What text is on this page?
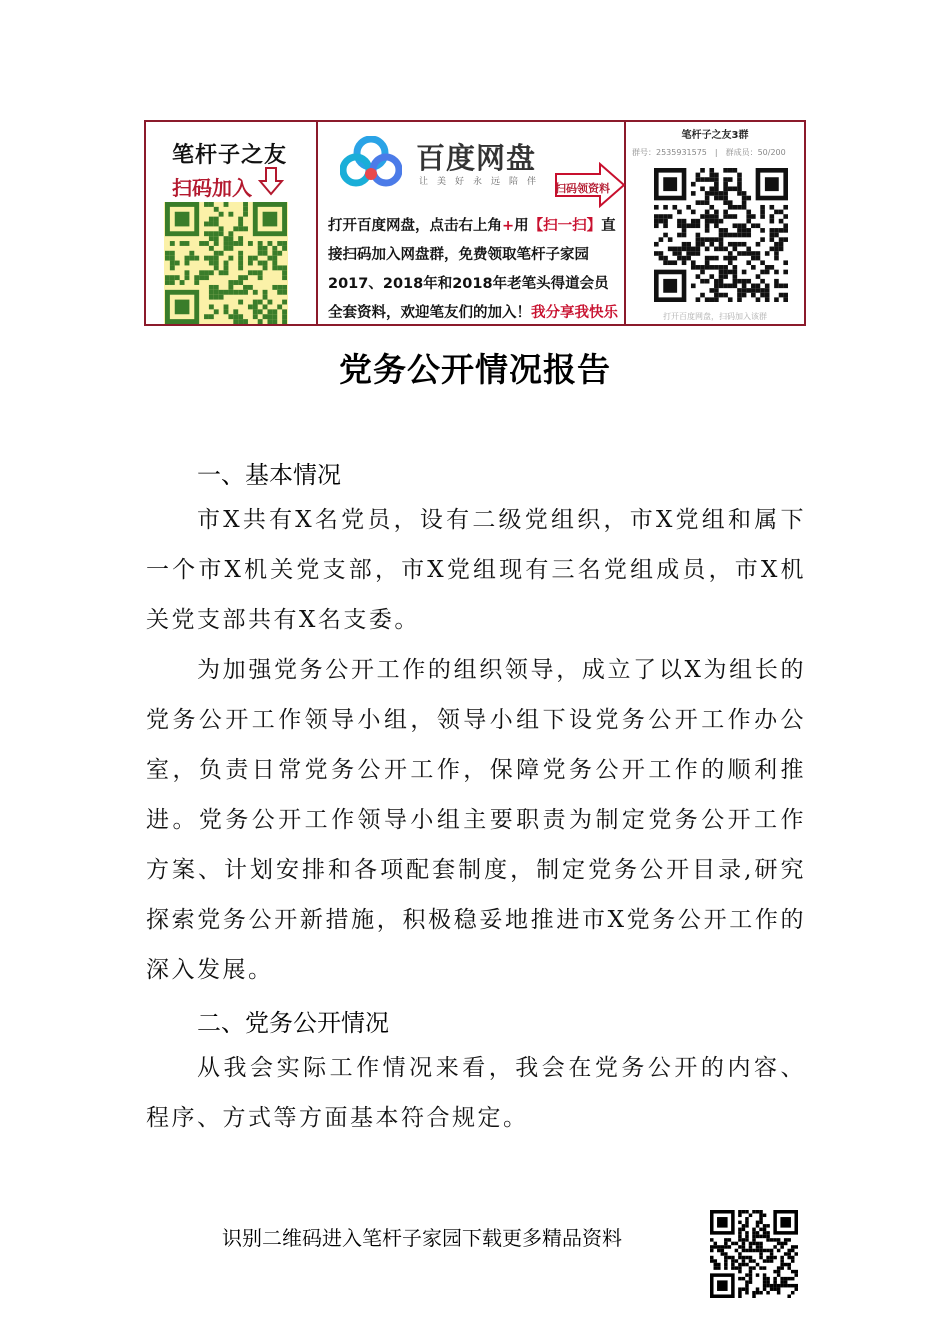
笔杆子之友
扫码加入
百度网盘
让美好永远陪伴 扫码领资料
打开百度网盘，点击右上角+用【扫一扫】直接扫码加入网盘群，免费领取笔杆子家园2017、2018年和2018年老笔头得道会员全套资料，欢迎笔友们的加入！我分享我快乐
笔杆子之友3群
群号：2535931575　|　群成员：50/200
打开百度网盘，扫码加入该群
党务公开情况报告
一、基本情况
市X共有X名党员，设有二级党组织，市X党组和属下一个市X机关党支部，市X党组现有三名党组成员，市X机关党支部共有X名支委。
为加强党务公开工作的组织领导，成立了以X为组长的党务公开工作领导小组，领导小组下设党务公开工作办公室，负责日常党务公开工作，保障党务公开工作的顺利推进。党务公开工作领导小组主要职责为制定党务公开工作方案、计划安排和各项配套制度，制定党务公开目录,研究探索党务公开新措施，积极稳妥地推进市X党务公开工作的深入发展。
二、党务公开情况
从我会实际工作情况来看，我会在党务公开的内容、程序、方式等方面基本符合规定。
识别二维码进入笔杆子家园下载更多精品资料
